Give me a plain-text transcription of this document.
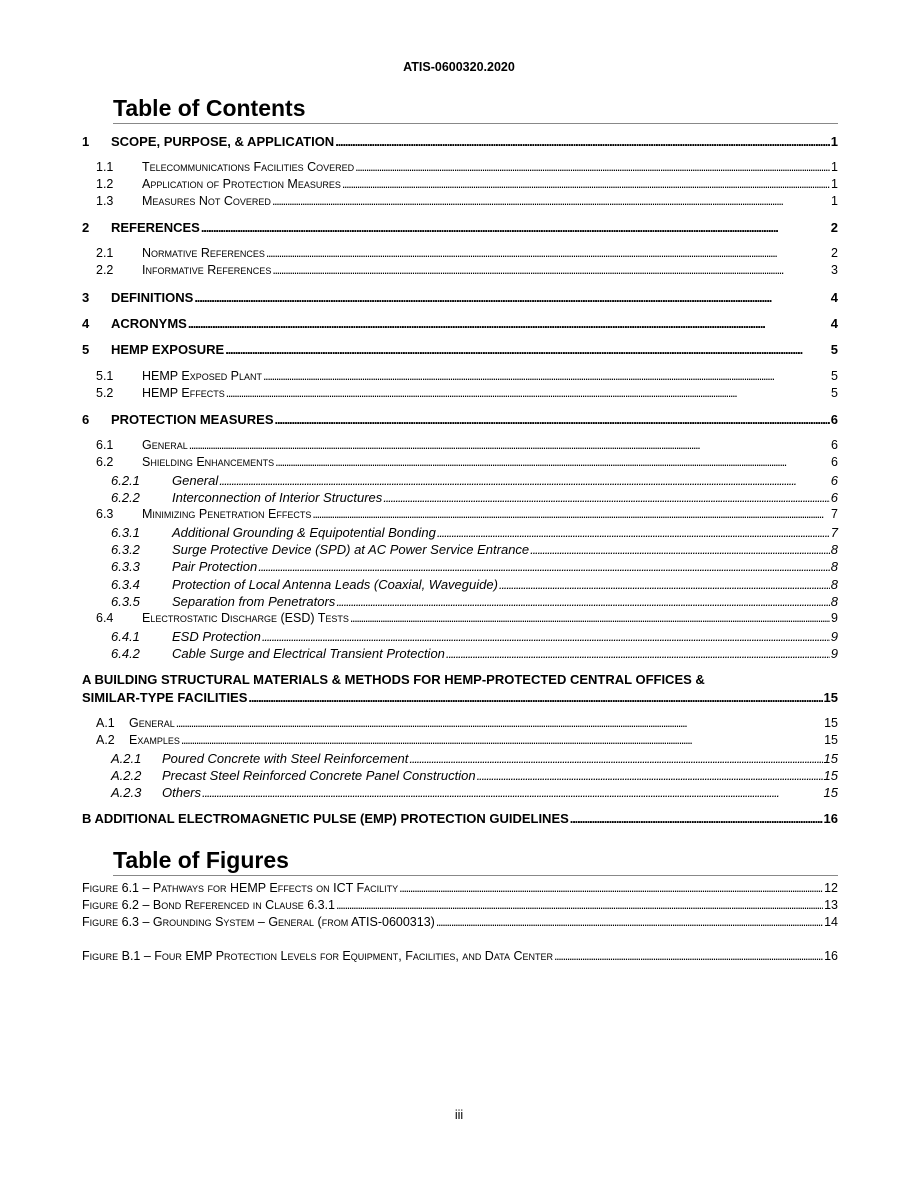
ATIS-0600320.2020
Table of Contents
1	SCOPE, PURPOSE, & APPLICATION . . .	1
1.1	Telecommunications Facilities Covered . . .	1
1.2	Application of Protection Measures . . .	1
1.3	Measures Not Covered . . .	1
2	REFERENCES . . .	2
2.1	Normative References . . .	2
2.2	Informative References . . .	3
3	DEFINITIONS . . .	4
4	ACRONYMS . . .	4
5	HEMP EXPOSURE . . .	5
5.1	HEMP Exposed Plant . . .	5
5.2	HEMP Effects . . .	5
6	PROTECTION MEASURES . . .	6
6.1	General . . .	6
6.2	Shielding Enhancements . . .	6
6.2.1	General . . .	6
6.2.2	Interconnection of Interior Structures . . .	6
6.3	Minimizing Penetration Effects . . .	7
6.3.1	Additional Grounding & Equipotential Bonding . . .	7
6.3.2	Surge Protective Device (SPD) at AC Power Service Entrance . . .	8
6.3.3	Pair Protection . . .	8
6.3.4	Protection of Local Antenna Leads (Coaxial, Waveguide) . . .	8
6.3.5	Separation from Penetrators . . .	8
6.4	Electrostatic Discharge (ESD) Tests . . .	9
6.4.1	ESD Protection . . .	9
6.4.2	Cable Surge and Electrical Transient Protection . . .	9
A BUILDING STRUCTURAL MATERIALS & METHODS FOR HEMP-PROTECTED CENTRAL OFFICES &
SIMILAR-TYPE FACILITIES . . .	15
A.1	General . . .	15
A.2	Examples . . .	15
A.2.1	Poured Concrete with Steel Reinforcement . . .	15
A.2.2	Precast Steel Reinforced Concrete Panel Construction . . .	15
A.2.3	Others . . .	15
B ADDITIONAL ELECTROMAGNETIC PULSE (EMP) PROTECTION GUIDELINES . . .	16
Table of Figures
Figure 6.1 – Pathways for HEMP Effects on ICT Facility . . .	12
Figure 6.2 – Bond Referenced in Clause 6.3.1 . . .	13
Figure 6.3 – Grounding System – General (from ATIS-0600313) . . .	14
Figure B.1 – Four EMP Protection Levels for Equipment, Facilities, and Data Center . . .	16
iii
